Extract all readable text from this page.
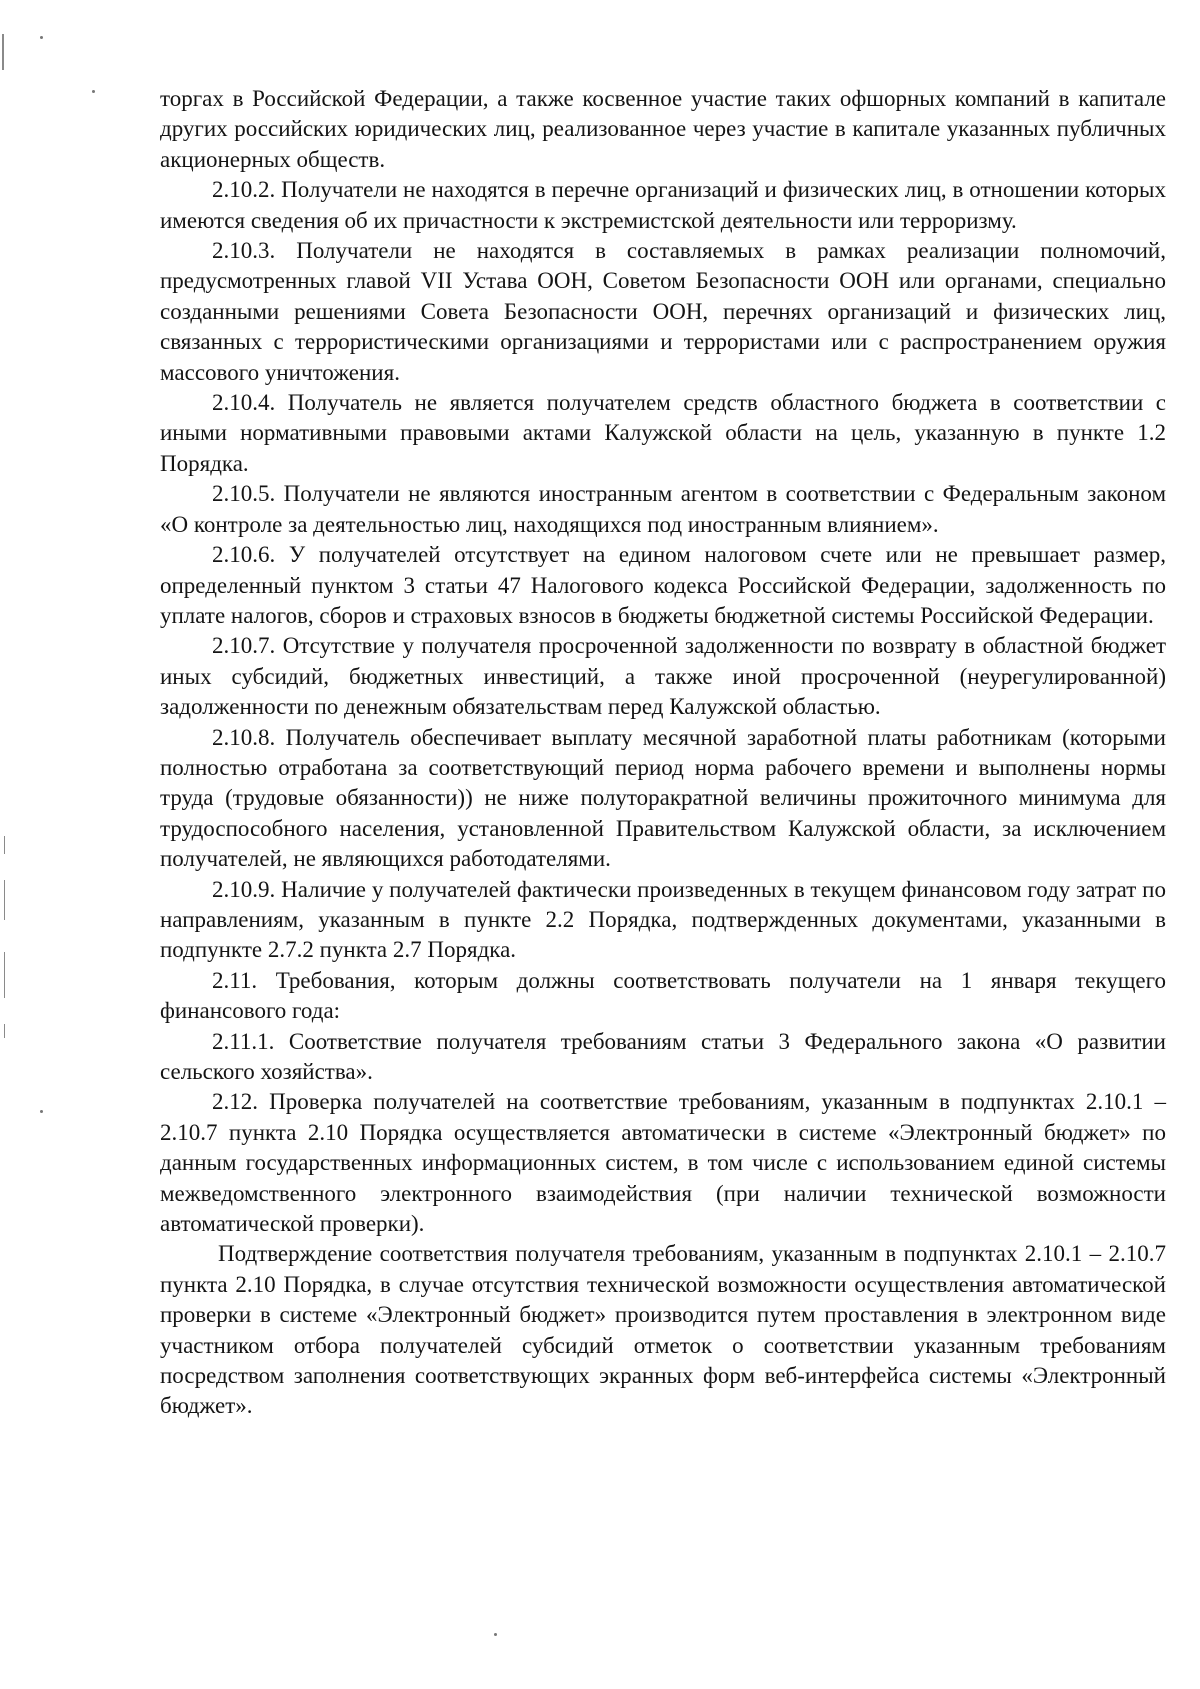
торгах в Российской Федерации, а также косвенное участие таких офшорных компаний в капитале других российских юридических лиц, реализованное через участие в капитале указанных публичных акционерных обществ.

2.10.2. Получатели не находятся в перечне организаций и физических лиц, в отношении которых имеются сведения об их причастности к экстремистской деятельности или терроризму.

2.10.3. Получатели не находятся в составляемых в рамках реализации полномочий, предусмотренных главой VII Устава ООН, Советом Безопасности ООН или органами, специально созданными решениями Совета Безопасности ООН, перечнях организаций и физических лиц, связанных с террористическими организациями и террористами или с распространением оружия массового уничтожения.

2.10.4. Получатель не является получателем средств областного бюджета в соответствии с иными нормативными правовыми актами Калужской области на цель, указанную в пункте 1.2 Порядка.

2.10.5. Получатели не являются иностранным агентом в соответствии с Федеральным законом «О контроле за деятельностью лиц, находящихся под иностранным влиянием».

2.10.6. У получателей отсутствует на едином налоговом счете или не превышает размер, определенный пунктом 3 статьи 47 Налогового кодекса Российской Федерации, задолженность по уплате налогов, сборов и страховых взносов в бюджеты бюджетной системы Российской Федерации.

2.10.7. Отсутствие у получателя просроченной задолженности по возврату в областной бюджет иных субсидий, бюджетных инвестиций, а также иной просроченной (неурегулированной) задолженности по денежным обязательствам перед Калужской областью.

2.10.8. Получатель обеспечивает выплату месячной заработной платы работникам (которыми полностью отработана за соответствующий период норма рабочего времени и выполнены нормы труда (трудовые обязанности)) не ниже полуторакратной величины прожиточного минимума для трудоспособного населения, установленной Правительством Калужской области, за исключением получателей, не являющихся работодателями.

2.10.9. Наличие у получателей фактически произведенных в текущем финансовом году затрат по направлениям, указанным в пункте 2.2 Порядка, подтвержденных документами, указанными в подпункте 2.7.2 пункта 2.7 Порядка.

2.11. Требования, которым должны соответствовать получатели на 1 января текущего финансового года:

2.11.1. Соответствие получателя требованиям статьи 3 Федерального закона «О развитии сельского хозяйства».

2.12. Проверка получателей на соответствие требованиям, указанным в подпунктах 2.10.1 – 2.10.7 пункта 2.10 Порядка осуществляется автоматически в системе «Электронный бюджет» по данным государственных информационных систем, в том числе с использованием единой системы межведомственного электронного взаимодействия (при наличии технической возможности автоматической проверки).

Подтверждение соответствия получателя требованиям, указанным в подпунктах 2.10.1 – 2.10.7 пункта 2.10 Порядка, в случае отсутствия технической возможности осуществления автоматической проверки в системе «Электронный бюджет» производится путем проставления в электронном виде участником отбора получателей субсидий отметок о соответствии указанным требованиям посредством заполнения соответствующих экранных форм веб-интерфейса системы «Электронный бюджет».
